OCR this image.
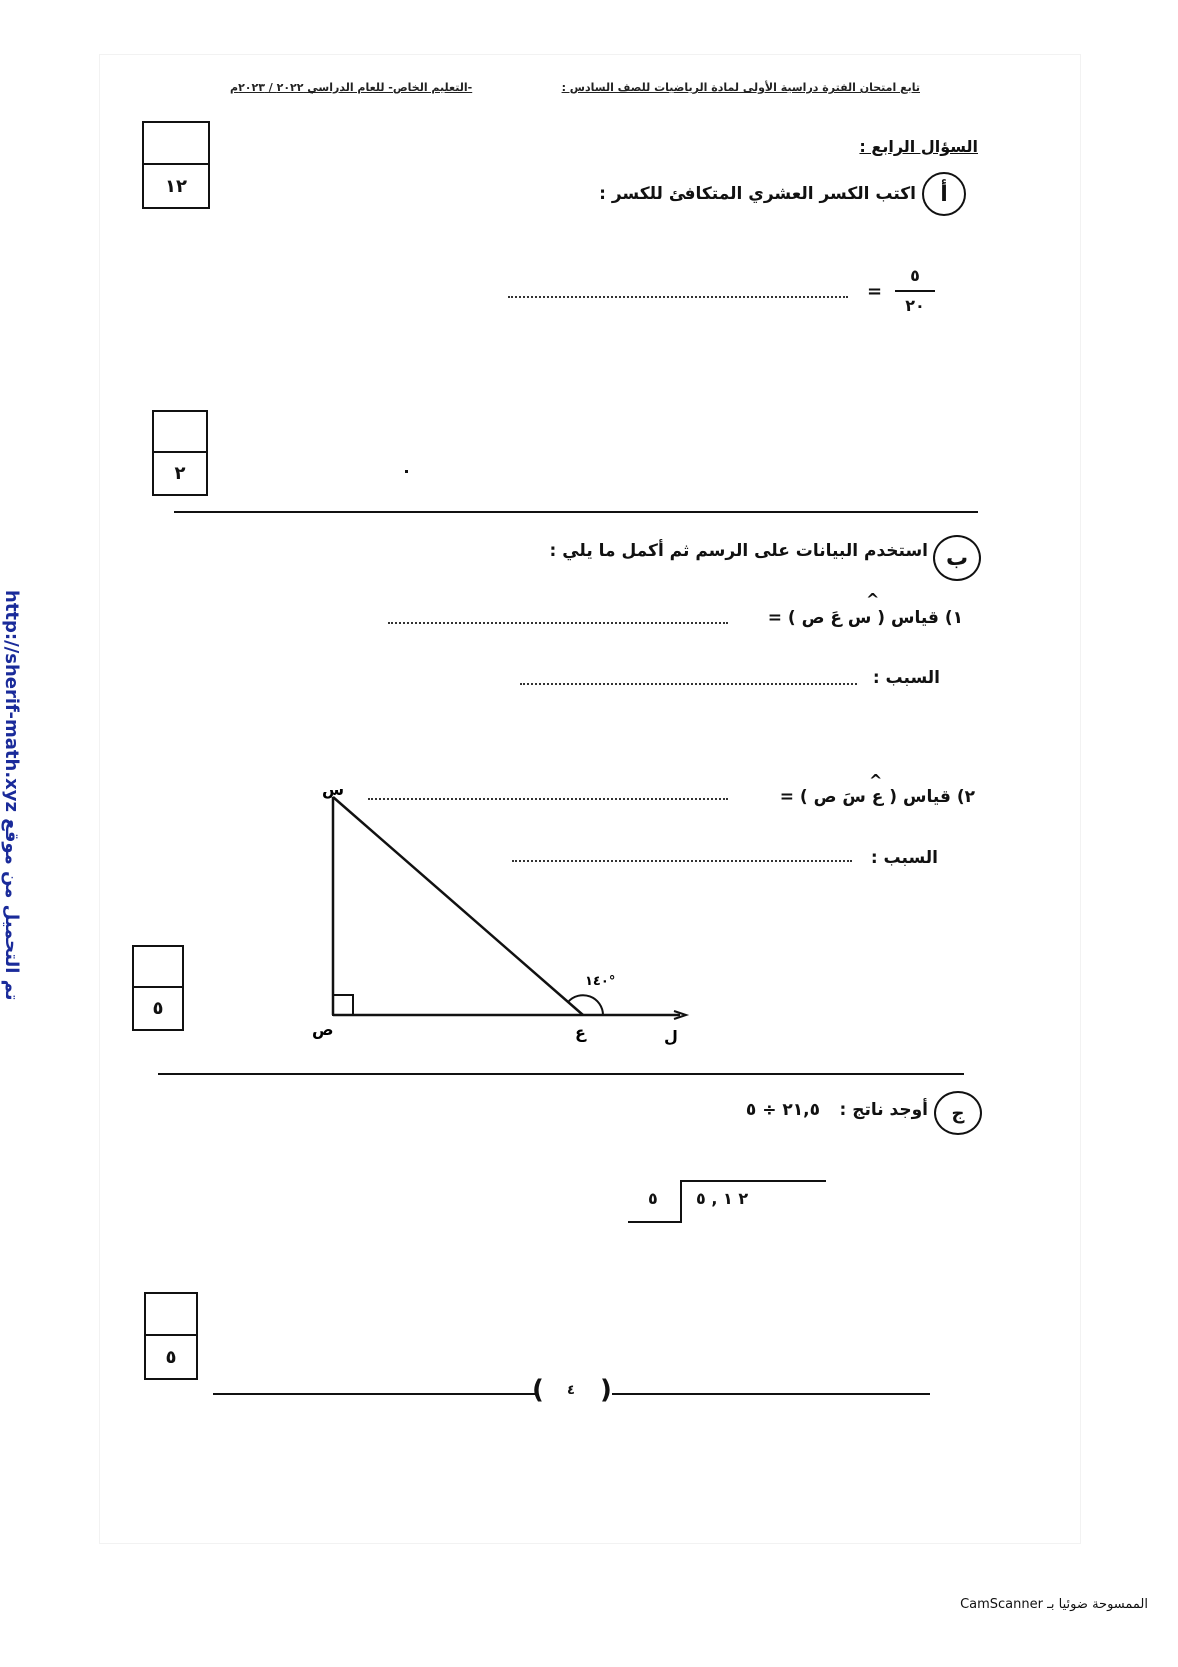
تابع امتحان الفترة دراسية الأولى لمادة الرياضيات للصف السادس :
-التعليم الخاص- للعام الدراسي ٢٠٢٢ / ٢٠٢٣م
السؤال الرابع :
١٢	أ
اكتب الكسر العشري المتكافئ للكسر :
٥
٢٠
=
٢
ب
استخدم البيانات على الرسم ثم أكمل ما يلي :
١) قياس ( س عَ ص ) =
^
السبب :
٢) قياس ( ع سَ ص ) =
^
السبب :
س
ص	ع	ل
١٤٠°
٥
ج
أوجد ناتج :
٢١,٥ ÷ ٥
٥ ٢ ١ , ٥
٥
( )
٤
تم التحميل من موقع http://sherif-math.xyz
الممسوحة ضوئيا بـ CamScanner
